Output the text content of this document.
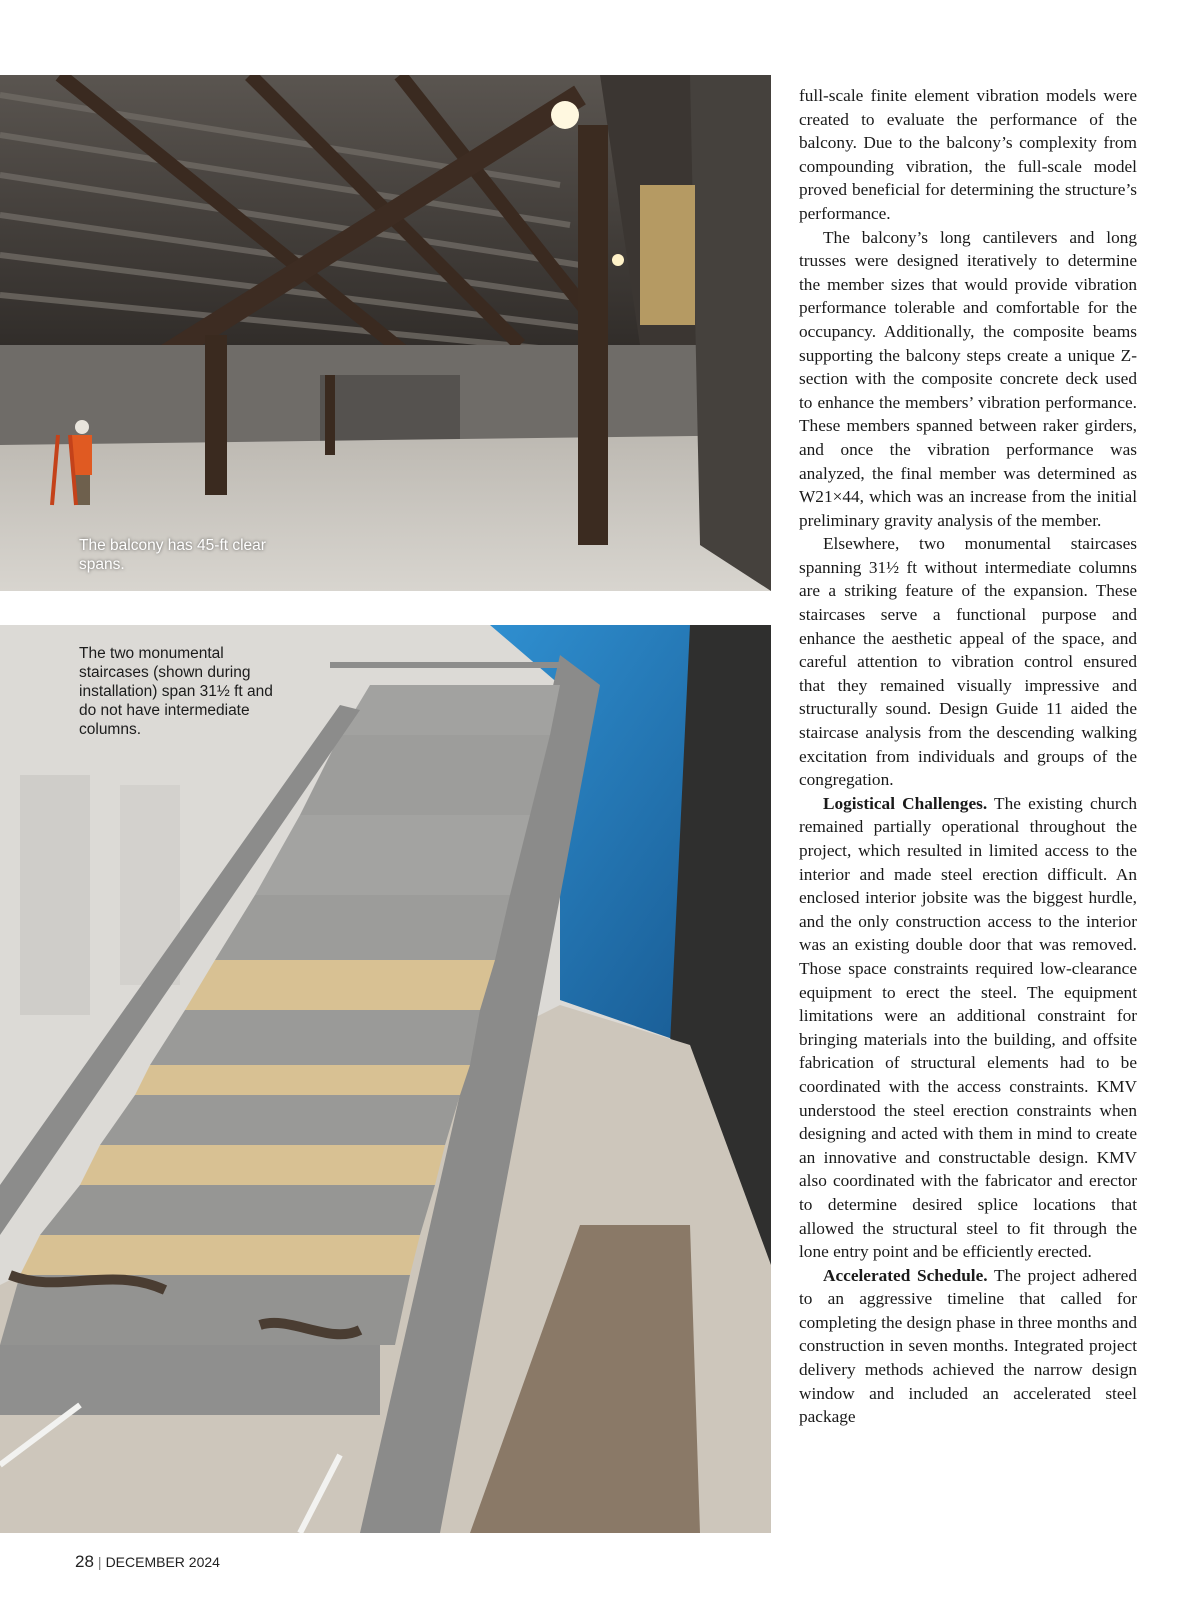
The balcony has 45-ft clear spans.
The two monumental staircases (shown during installation) span 31½ ft and do not have intermediate columns.

full-scale finite element vibration models were created to evaluate the performance of the balcony. Due to the balcony’s complexity from compounding vibration, the full-scale model proved beneficial for determining the structure’s performance.

The balcony’s long cantilevers and long trusses were designed iteratively to determine the member sizes that would provide vibration performance tolerable and comfortable for the occupancy. Additionally, the composite beams supporting the balcony steps create a unique Z-section with the composite concrete deck used to enhance the members’ vibration performance. These members spanned between raker girders, and once the vibration performance was analyzed, the final member was determined as W21×44, which was an increase from the initial preliminary gravity analysis of the member.

Elsewhere, two monumental staircases spanning 31½ ft without intermediate columns are a striking feature of the expansion. These staircases serve a functional purpose and enhance the aesthetic appeal of the space, and careful attention to vibration control ensured that they remained visually impressive and structurally sound. Design Guide 11 aided the staircase analysis from the descending walking excitation from individuals and groups of the congregation.

Logistical Challenges. The existing church remained partially operational throughout the project, which resulted in limited access to the interior and made steel erection difficult. An enclosed interior jobsite was the biggest hurdle, and the only construction access to the interior was an existing double door that was removed. Those space constraints required low-clearance equipment to erect the steel. The equipment limitations were an additional constraint for bringing materials into the building, and offsite fabrication of structural elements had to be coordinated with the access constraints. KMV understood the steel erection constraints when designing and acted with them in mind to create an innovative and constructable design. KMV also coordinated with the fabricator and erector to determine desired splice locations that allowed the structural steel to fit through the lone entry point and be efficiently erected.

Accelerated Schedule. The project adhered to an aggressive timeline that called for completing the design phase in three months and construction in seven months. Integrated project delivery methods achieved the narrow design window and included an accelerated steel package

28 | DECEMBER 2024
